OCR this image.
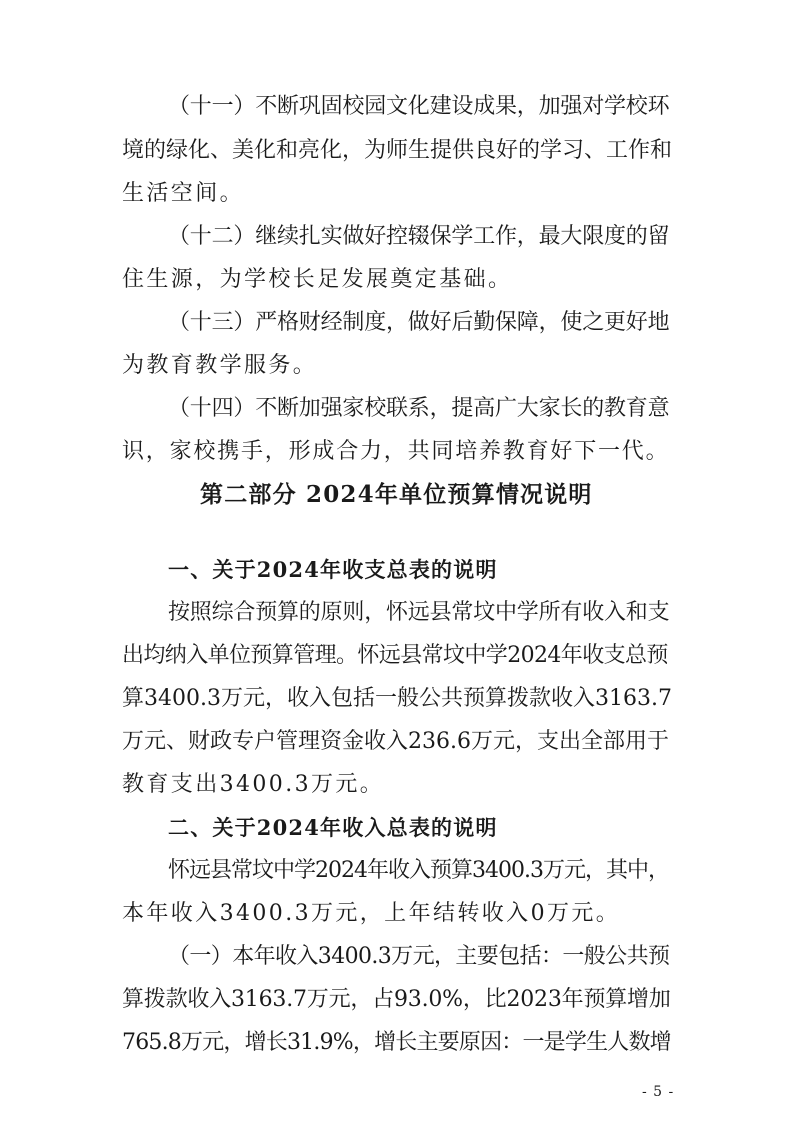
（十一）不断巩固校园文化建设成果，加强对学校环
境的绿化、美化和亮化，为师生提供良好的学习、工作和
生活空间。
（十二）继续扎实做好控辍保学工作，最大限度的留
住生源，为学校长足发展奠定基础。
（十三）严格财经制度，做好后勤保障，使之更好地
为教育教学服务。
（十四）不断加强家校联系，提高广大家长的教育意
识，家校携手，形成合力，共同培养教育好下一代。
第二部分 2024年单位预算情况说明
一、关于2024年收支总表的说明
按照综合预算的原则，怀远县常坟中学所有收入和支
出均纳入单位预算管理。怀远县常坟中学2024年收支总预
算3400.3万元，收入包括一般公共预算拨款收入3163.7
万元、财政专户管理资金收入236.6万元，支出全部用于
教育支出3400.3万元。
二、关于2024年收入总表的说明
怀远县常坟中学2024年收入预算3400.3万元，其中，
本年收入3400.3万元，上年结转收入0万元。
（一）本年收入3400.3万元，主要包括：一般公共预
算拨款收入3163.7万元，占93.0%，比2023年预算增加
765.8万元，增长31.9%，增长主要原因：一是学生人数增
- 5 -
